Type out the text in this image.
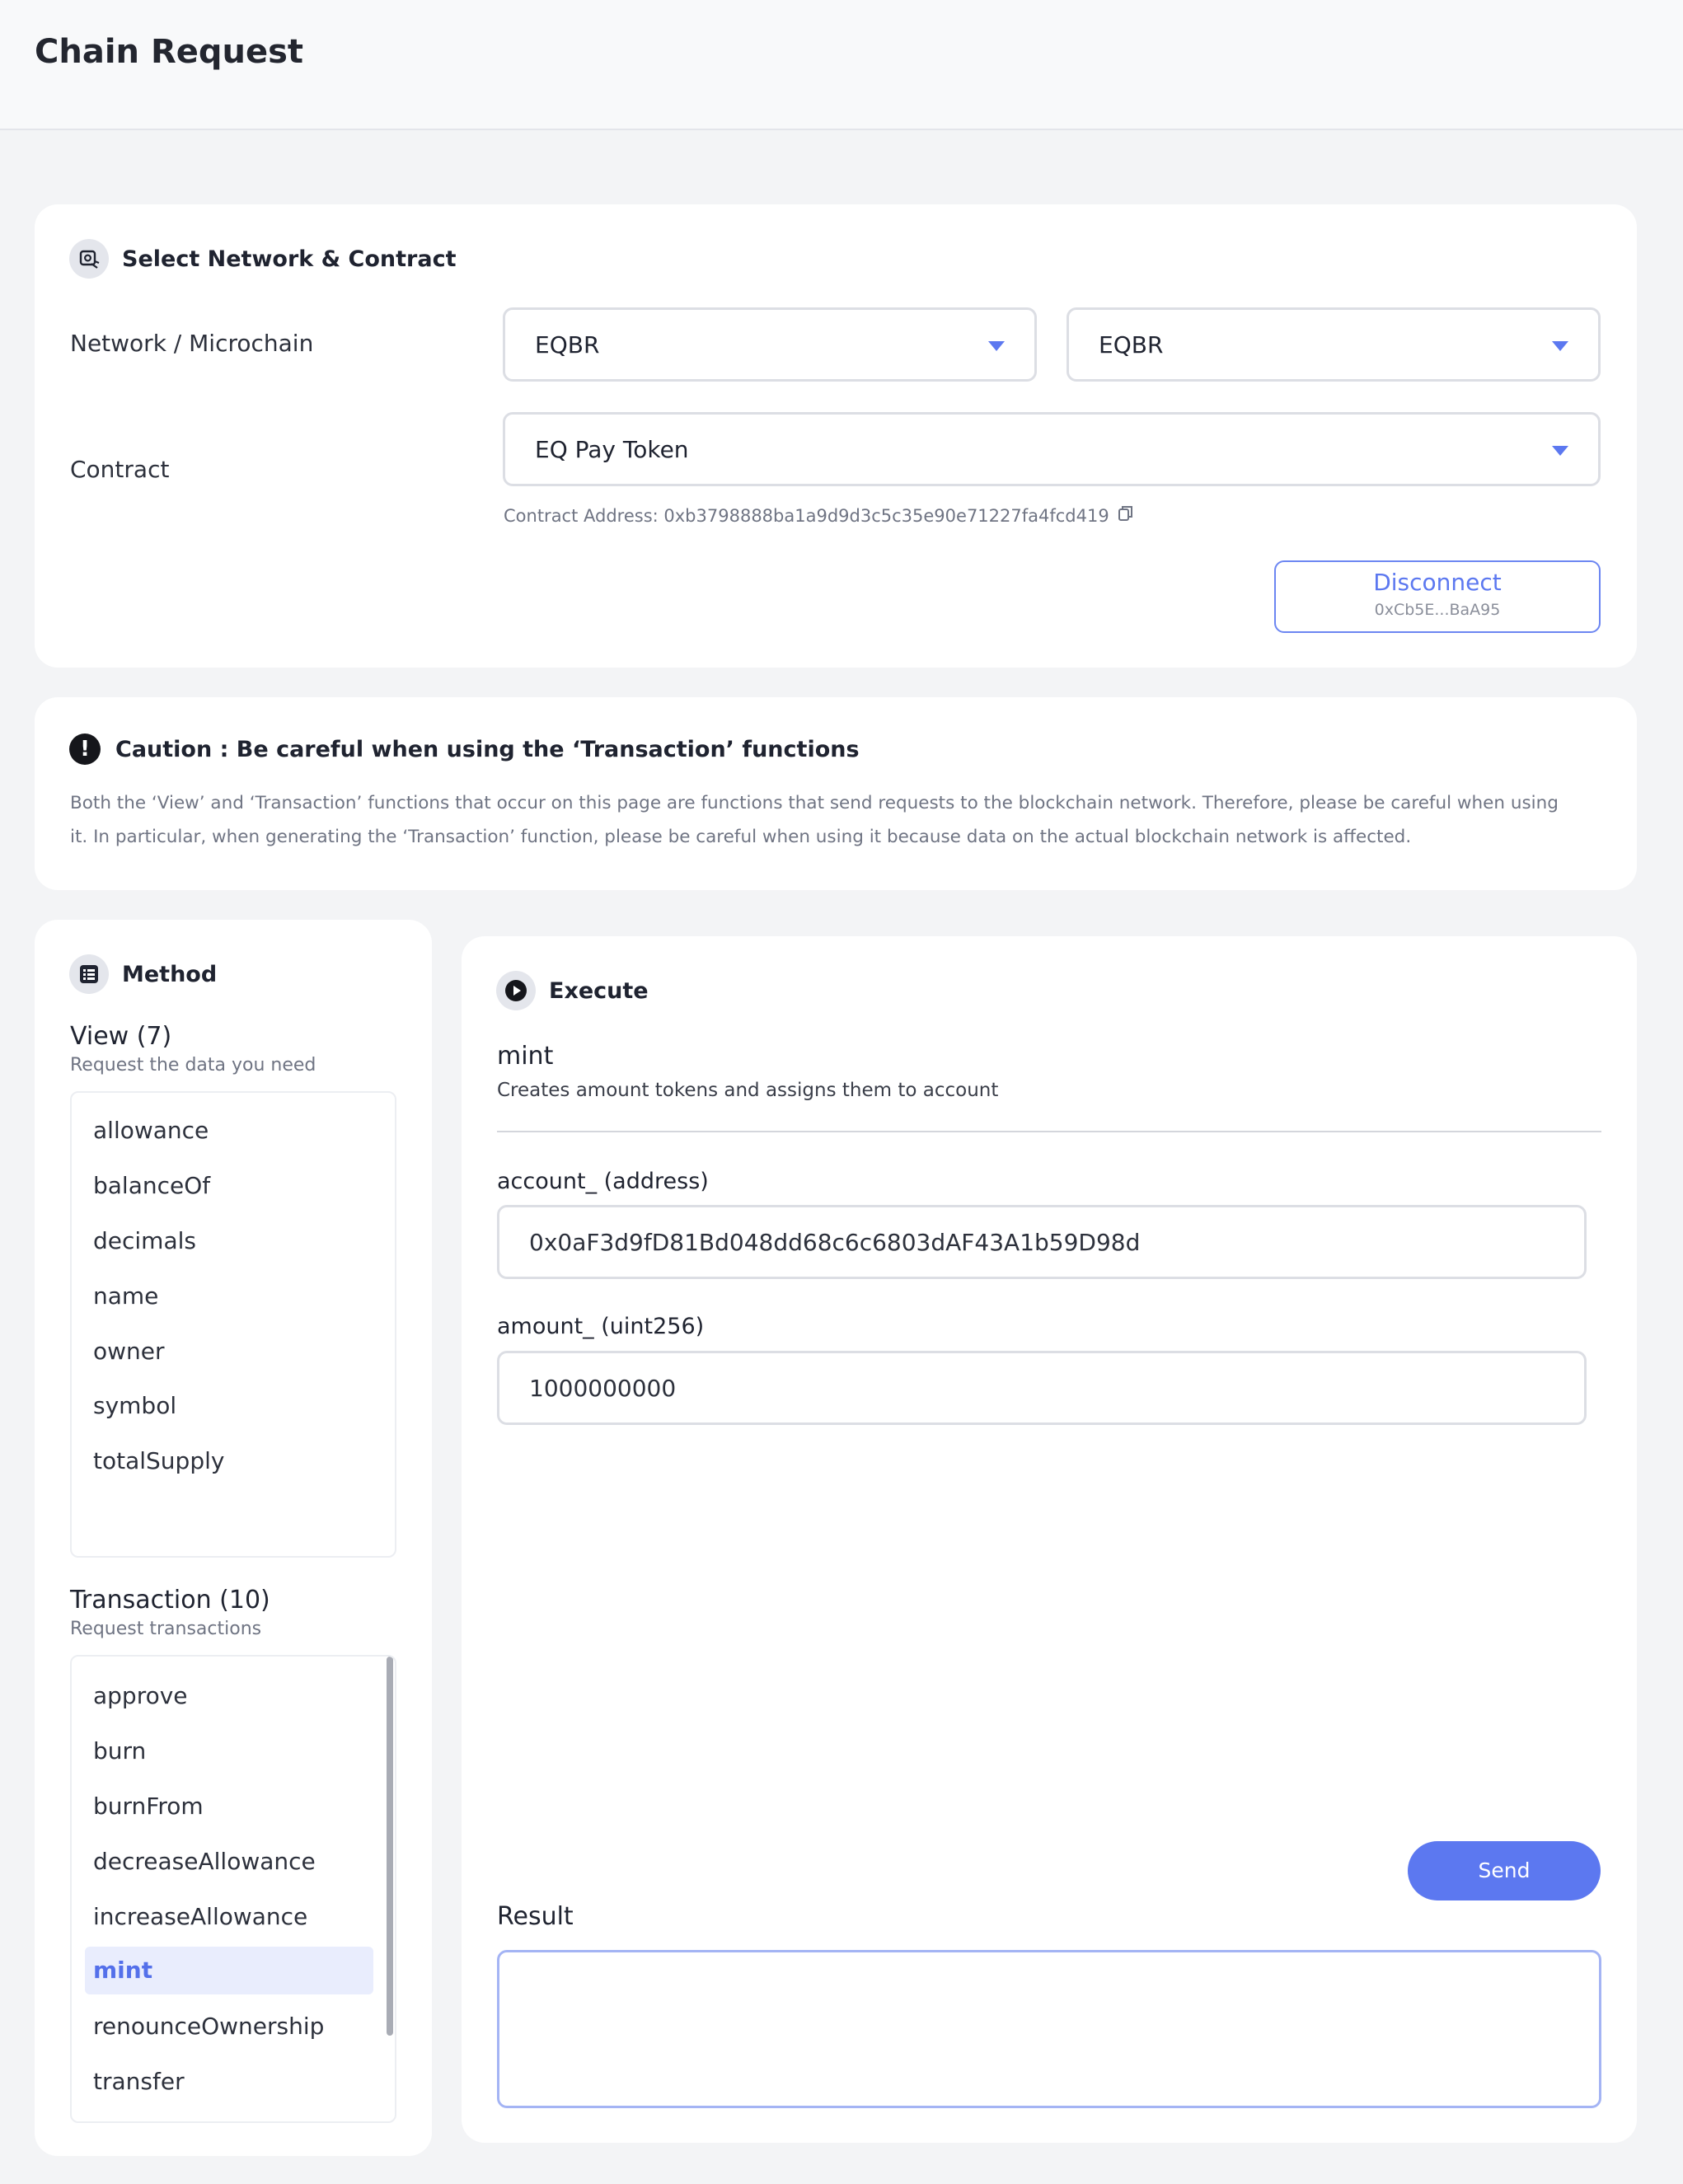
Chain Request
Select Network & Contract
Network / Microchain	EQBR	EQBR
Contract
EQ Pay Token
Contract Address: 0xb3798888ba1a9d9d3c5c35e90e71227fa4fcd419
Disconnect
0xCb5E...BaA95
!	Caution : Be careful when using the ‘Transaction’ functions
Both the ‘View’ and ‘Transaction’ functions that occur on this page are functions that send requests to the blockchain network. Therefore, please be careful when using
it. In particular, when generating the ‘Transaction’ function, please be careful when using it because data on the actual blockchain network is affected.
Method
View (7)
Request the data you need
allowance
balanceOf
decimals
name
owner
symbol
totalSupply
Transaction (10)
Request transactions
approve
burn
burnFrom
decreaseAllowance
increaseAllowance
mint
renounceOwnership
transfer
Execute
mint
Creates amount tokens and assigns them to account
account_ (address)
0x0aF3d9fD81Bd048dd68c6c6803dAF43A1b59D98d
amount_ (uint256)
1000000000
Send
Result
